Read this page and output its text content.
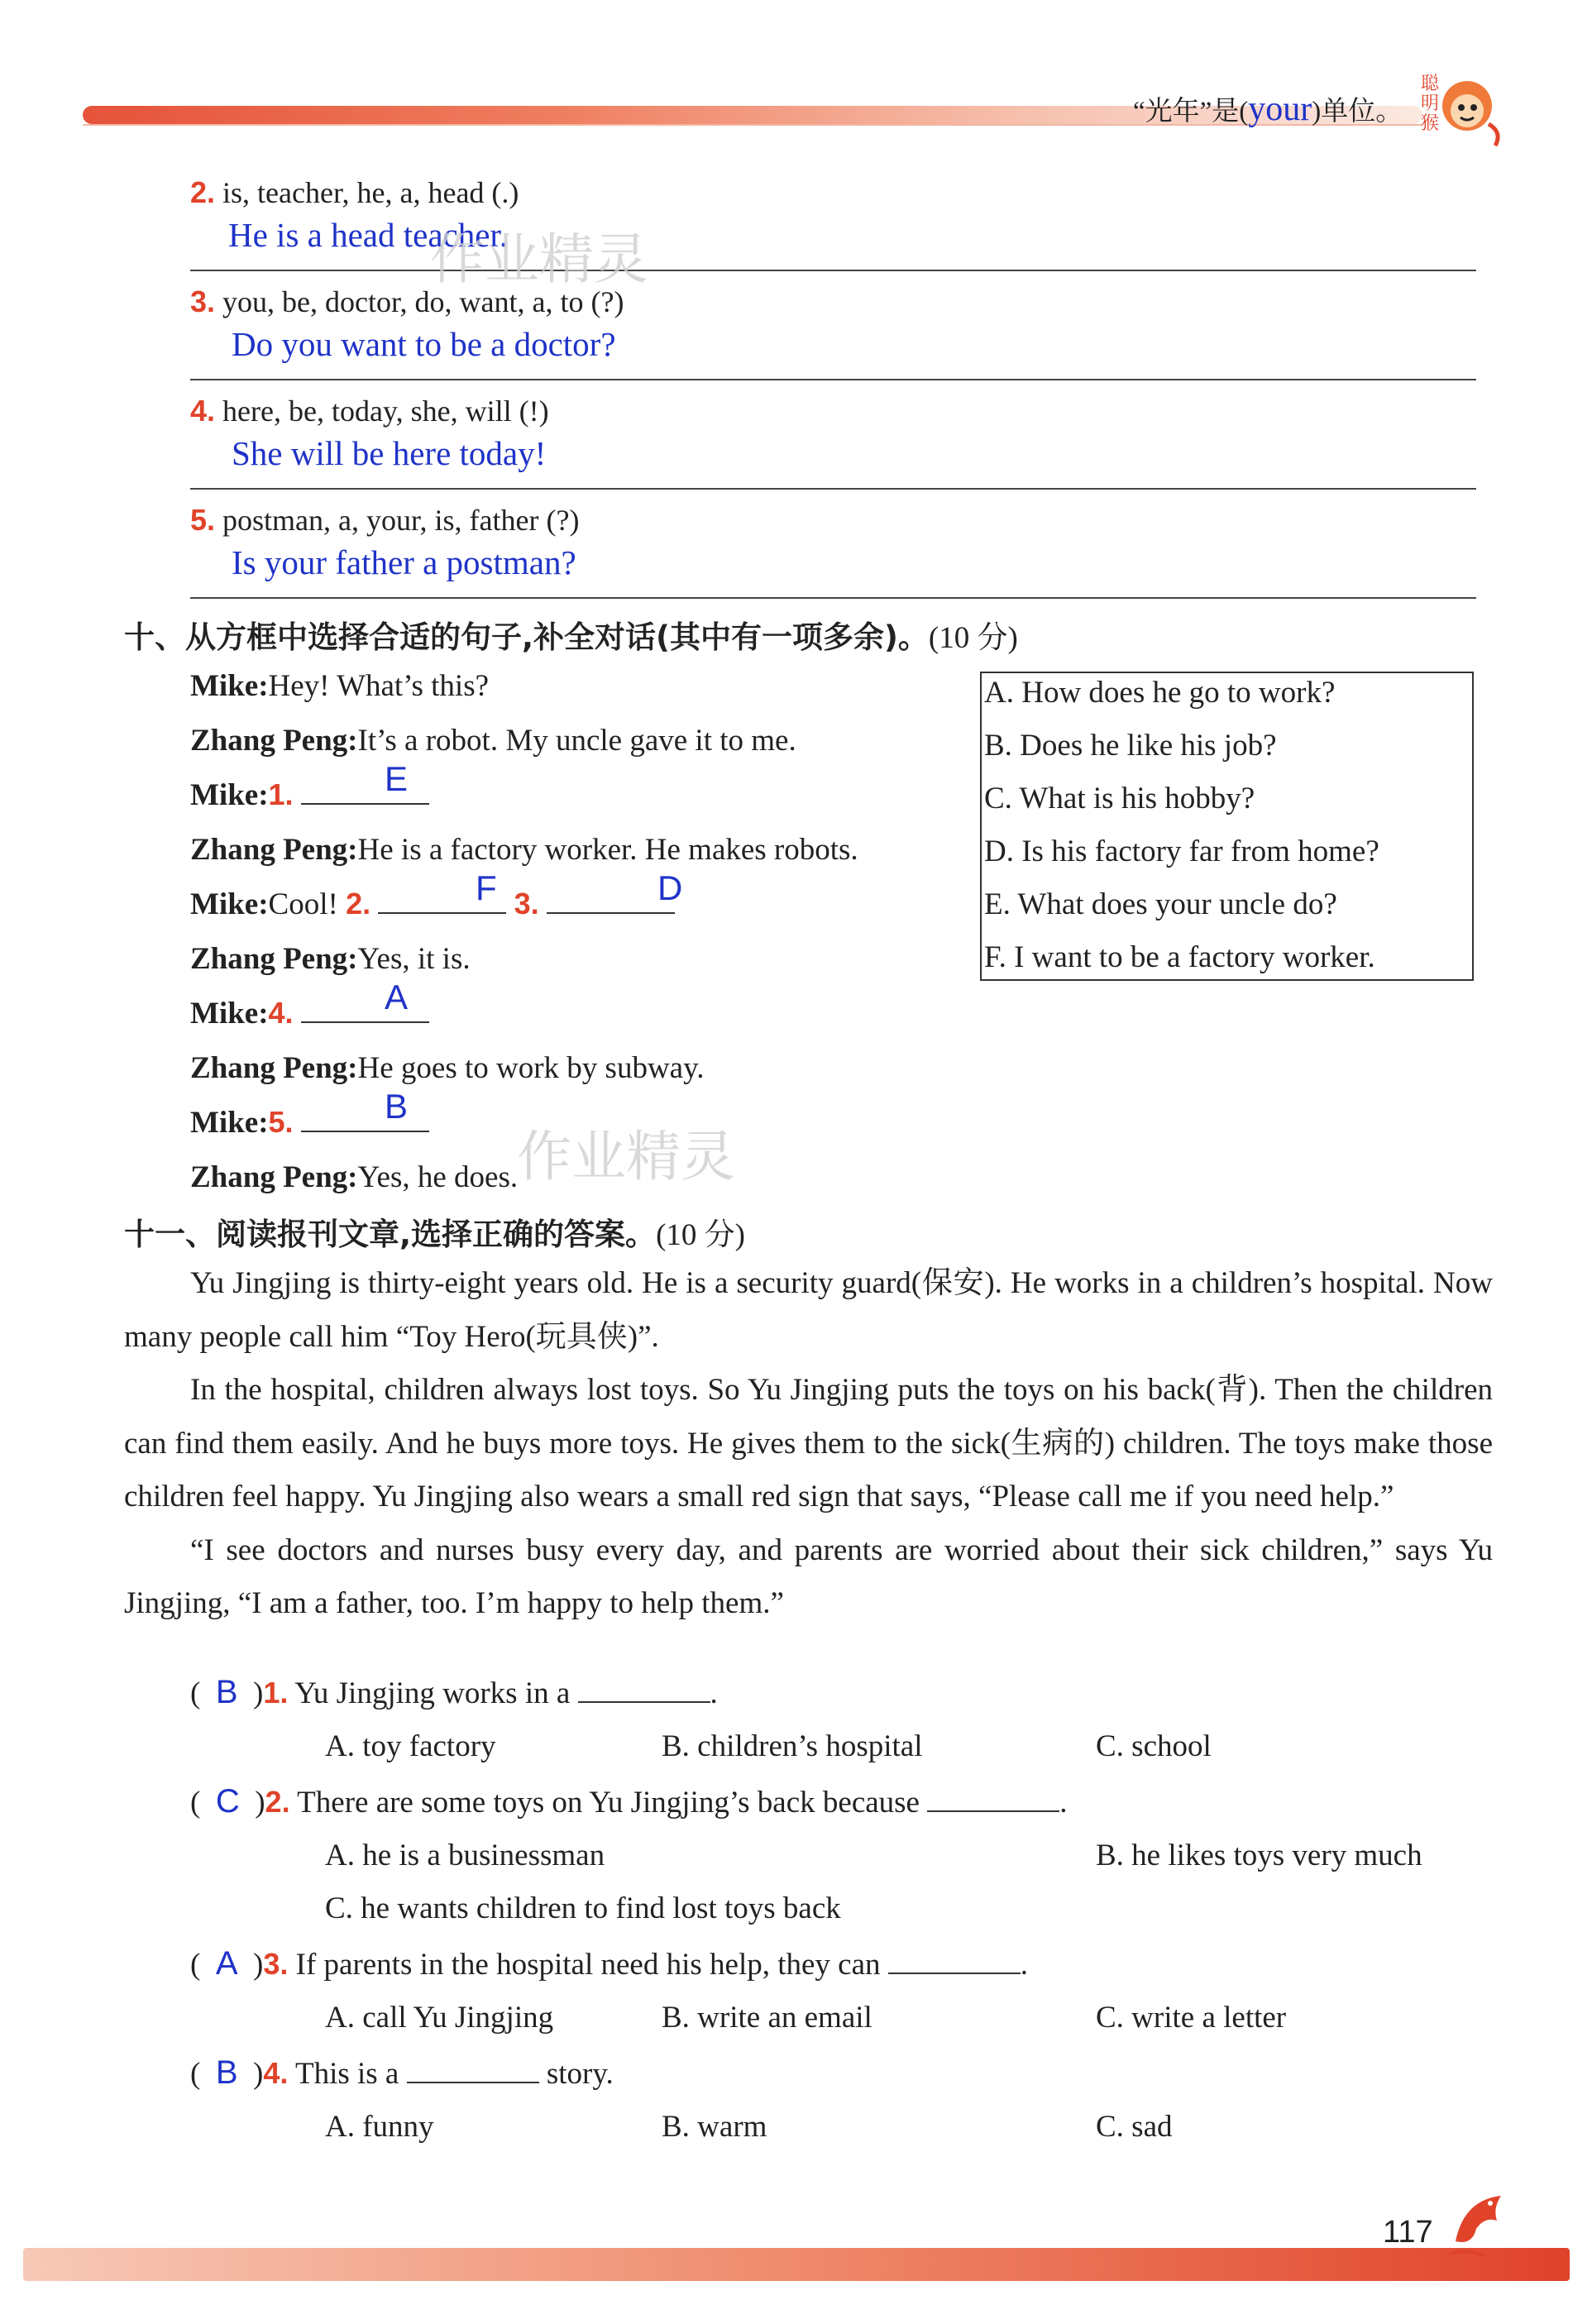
“光年”是(your)单位。
聪明猴
2. is, teacher, he, a, head (.)
He is a head teacher.
3. you, be, doctor, do, want, a, to (?)
Do you want to be a doctor?
4. here, be, today, she, will (!)
She will be here today!
5. postman, a, your, is, father (?)
Is your father a postman?
作业精灵
十、从方框中选择合适的句子,补全对话(其中有一项多余)。(10 分)
Mike:Hey! What’s this?
Zhang Peng:It’s a robot. My uncle gave it to me.
Mike:1.	E
Zhang Peng:He is a factory worker. He makes robots.
Mike:Cool! 2.	3.
F	D
Zhang Peng:Yes, it is.
Mike:4.	A
Zhang Peng:He goes to work by subway.
Mike:5.	B
Zhang Peng:Yes, he does.
作业精灵
A. How does he go to work?
B. Does he like his job?
C. What is his hobby?
D. Is his factory far from home?
E. What does your uncle do?
F. I want to be a factory worker.
十一、阅读报刊文章,选择正确的答案。(10 分)

Yu Jingjing is thirty-eight years old. He is a security guard(保安). He works in a children’s hospital. Now many people call him “Toy Hero(玩具侠)”.

In the hospital, children always lost toys. So Yu Jingjing puts the toys on his back(背). Then the children can find them easily. And he buys more toys. He gives them to the sick(生病的) children. The toys make those children feel happy. Yu Jingjing also wears a small red sign that says, “Please call me if you need help.”

“I see doctors and nurses busy every day, and parents are worried about their sick children,” says Yu Jingjing, “I am a father, too. I’m happy to help them.”

(  B  )1. Yu Jingjing works in a	.
A. toy factory	B. children’s hospital	C. school
(  C  )2. There are some toys on Yu Jingjing’s back because	.
A. he is a businessman	B. he likes toys very much
C. he wants children to find lost toys back
(  A  )3. If parents in the hospital need his help, they can	.
A. call Yu Jingjing	B. write an email	C. write a letter
(  B  )4. This is a	story.
A. funny	B. warm	C. sad
117
